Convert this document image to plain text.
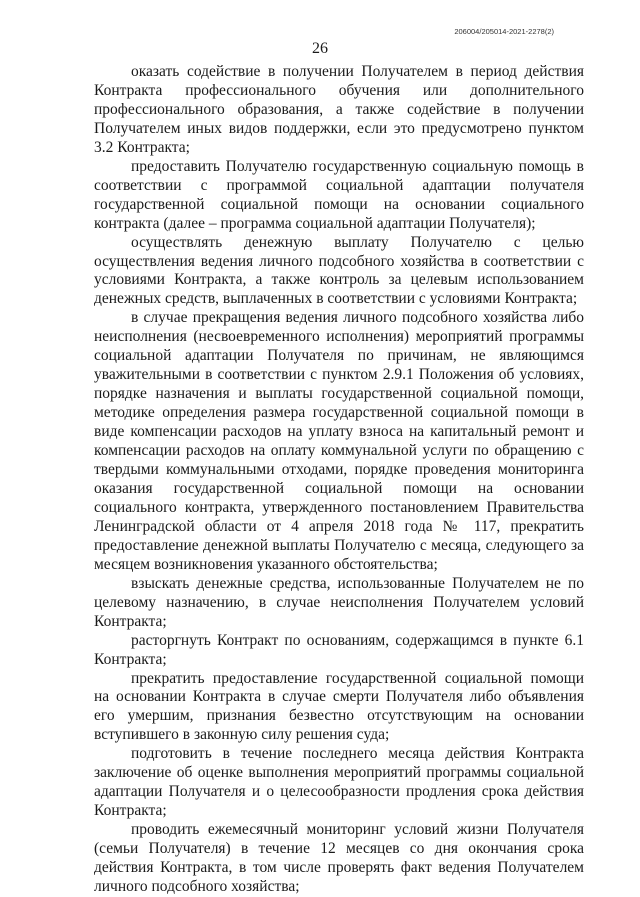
206004/205014-2021-2278(2)
26

оказать содействие в получении Получателем в период действия Контракта профессионального обучения или дополнительного профессионального образования, а также содействие в получении Получателем иных видов поддержки, если это предусмотрено пунктом 3.2 Контракта;

предоставить Получателю государственную социальную помощь в соответствии с программой социальной адаптации получателя государственной социальной помощи на основании социального контракта (далее – программа социальной адаптации Получателя);

осуществлять денежную выплату Получателю с целью осуществления ведения личного подсобного хозяйства в соответствии с условиями Контракта, а также контроль за целевым использованием денежных средств, выплаченных в соответствии с условиями Контракта;

в случае прекращения ведения личного подсобного хозяйства либо неисполнения (несвоевременного исполнения) мероприятий программы социальной адаптации Получателя по причинам, не являющимся уважительными в соответствии с пунктом 2.9.1 Положения об условиях, порядке назначения и выплаты государственной социальной помощи, методике определения размера государственной социальной помощи в виде компенсации расходов на уплату взноса на капитальный ремонт и компенсации расходов на оплату коммунальной услуги по обращению с твердыми коммунальными отходами, порядке проведения мониторинга оказания государственной социальной помощи на основании социального контракта, утвержденного постановлением Правительства Ленинградской области от 4 апреля 2018 года № 117, прекратить предоставление денежной выплаты Получателю с месяца, следующего за месяцем возникновения указанного обстоятельства;

взыскать денежные средства, использованные Получателем не по целевому назначению, в случае неисполнения Получателем условий Контракта;

расторгнуть Контракт по основаниям, содержащимся в пункте 6.1 Контракта;

прекратить предоставление государственной социальной помощи на основании Контракта в случае смерти Получателя либо объявления его умершим, признания безвестно отсутствующим на основании вступившего в законную силу решения суда;

подготовить в течение последнего месяца действия Контракта заключение об оценке выполнения мероприятий программы социальной адаптации Получателя и о целесообразности продления срока действия Контракта;

проводить ежемесячный мониторинг условий жизни Получателя (семьи Получателя) в течение 12 месяцев со дня окончания срока действия Контракта, в том числе проверять факт ведения Получателем личного подсобного хозяйства;
